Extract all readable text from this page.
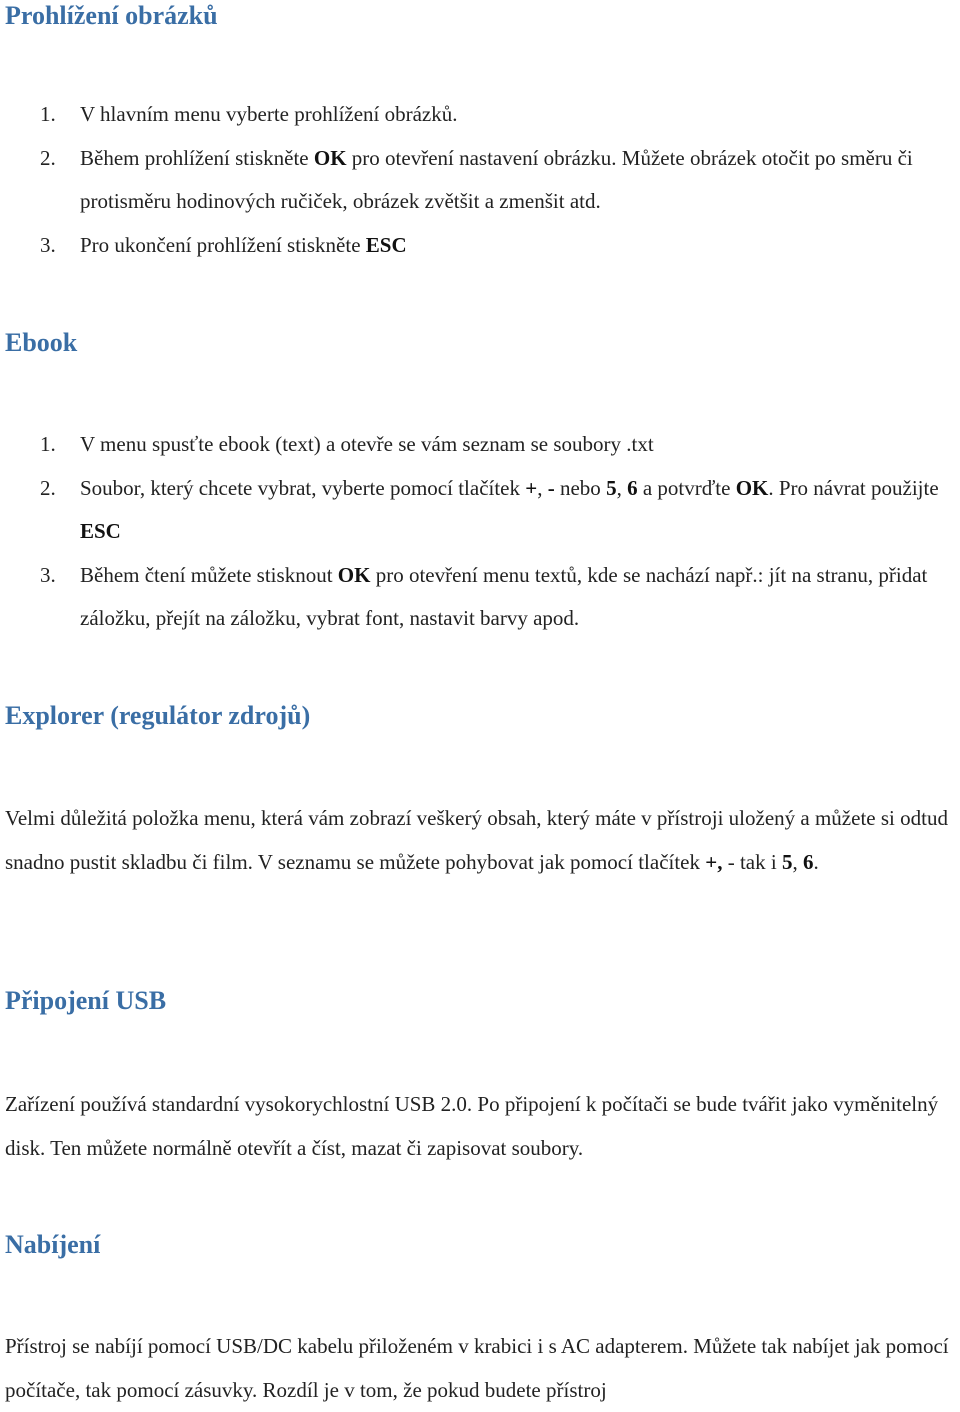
Prohlížení obrázků
1. V hlavním menu vyberte prohlížení obrázků.
2. Během prohlížení stiskněte OK pro otevření nastavení obrázku. Můžete obrázek otočit po směru či protisměru hodinových ručiček, obrázek zvětšit a zmenšit atd.
3. Pro ukončení prohlížení stiskněte ESC
Ebook
1. V menu spusťte ebook (text) a otevře se vám seznam se soubory .txt
2. Soubor, který chcete vybrat, vyberte pomocí tlačítek +, - nebo 5, 6 a potvrďte OK. Pro návrat použijte ESC
3. Během čtení můžete stisknout OK pro otevření menu textů, kde se nachází např.: jít na stranu, přidat záložku, přejít na záložku, vybrat font, nastavit barvy apod.
Explorer (regulátor zdrojů)

Velmi důležitá položka menu, která vám zobrazí veškerý obsah, který máte v přístroji uložený a můžete si odtud snadno pustit skladbu či film. V seznamu se můžete pohybovat jak pomocí tlačítek +, - tak i 5, 6.

Připojení USB

Zařízení používá standardní vysokorychlostní USB 2.0. Po připojení k počítači se bude tvářit jako vyměnitelný disk. Ten můžete normálně otevřít a číst, mazat či zapisovat soubory.

Nabíjení

Přístroj se nabíjí pomocí USB/DC kabelu přiloženém v krabici i s AC adapterem. Můžete tak nabíjet jak pomocí počítače, tak pomocí zásuvky. Rozdíl je v tom, že pokud budete přístroj
